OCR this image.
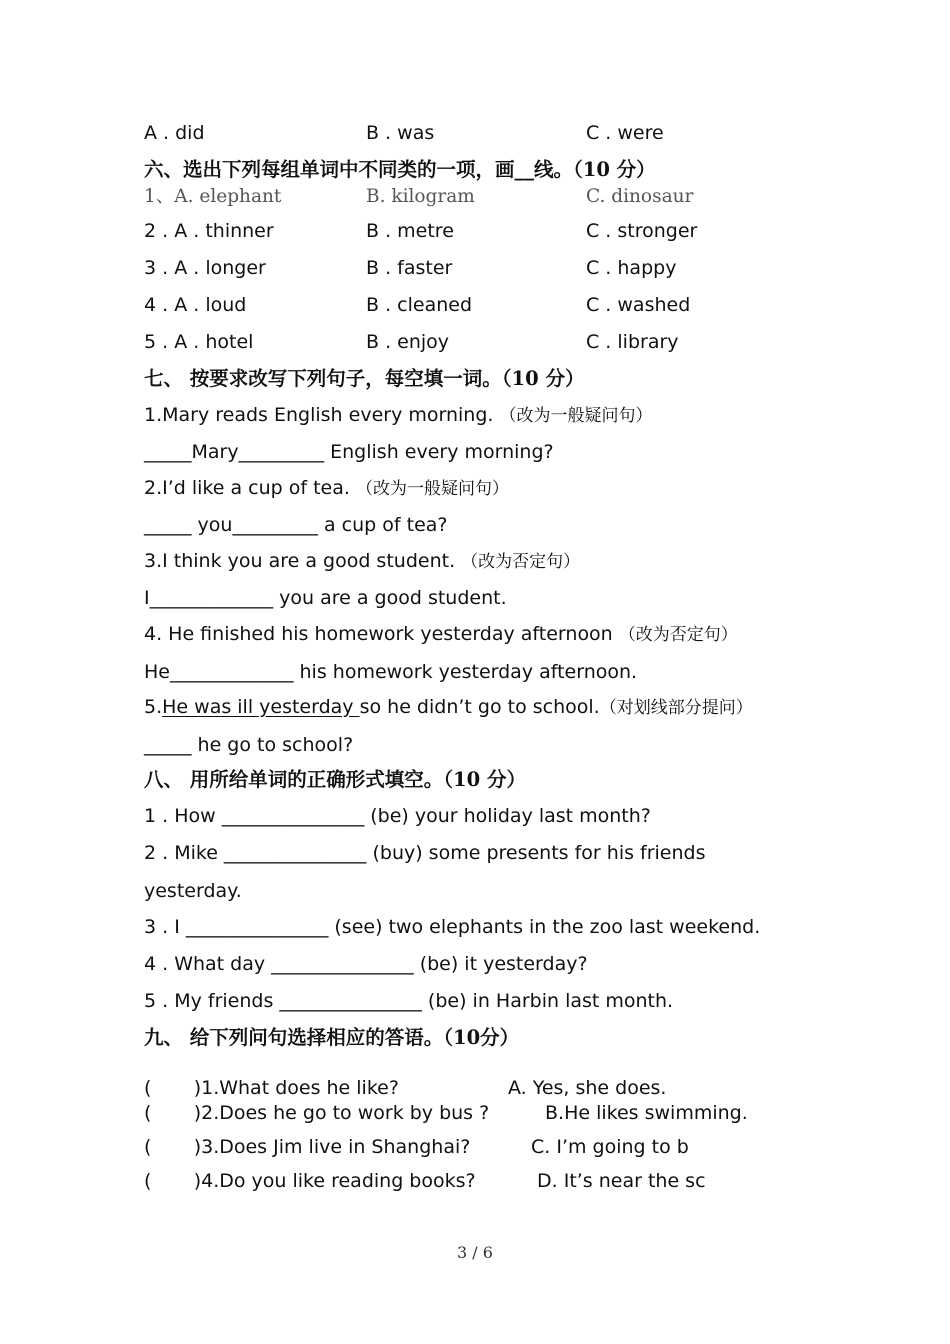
A . did	B . was	C . were
六、选出下列每组单词中不同类的一项，画__线。（10 分）
1、A. elephant	B. kilogram	C. dinosaur
2 . A . thinner	B . metre	C . stronger
3 . A . longer	B . faster	C . happy
4 . A . loud	B . cleaned	C . washed
5 . A . hotel	B . enjoy	C . library
七、 按要求改写下列句子，每空填一词。（10 分）
1.Mary reads English every morning. （改为一般疑问句）
_____Mary_________ English every morning?
2.I’d like a cup of tea. （改为一般疑问句）
_____ you_________ a cup of tea?
3.I think you are a good student. （改为否定句）
I_____________ you are a good student.
4. He finished his homework yesterday afternoon （改为否定句）
He_____________ his homework yesterday afternoon.
5.He was ill yesterday so he didn’t go to school.（对划线部分提问）
_____ he go to school?
八、 用所给单词的正确形式填空。（10 分）
1 . How _______________ (be) your holiday last month?
2 . Mike _______________ (buy) some presents for his friends
yesterday.
3 . I _______________ (see) two elephants in the zoo last weekend.
4 . What day _______________ (be) it yesterday?
5 . My friends _______________ (be) in Harbin last month.
九、 给下列问句选择相应的答语。（10分）
(       )1.What does he like?	A. Yes, she does.
(       )2.Does he go to work by bus ?	B.He likes swimming.
(       )3.Does Jim live in Shanghai?	C. I’m going to b
(       )4.Do you like reading books?	D. It’s near the sc
3 / 6
